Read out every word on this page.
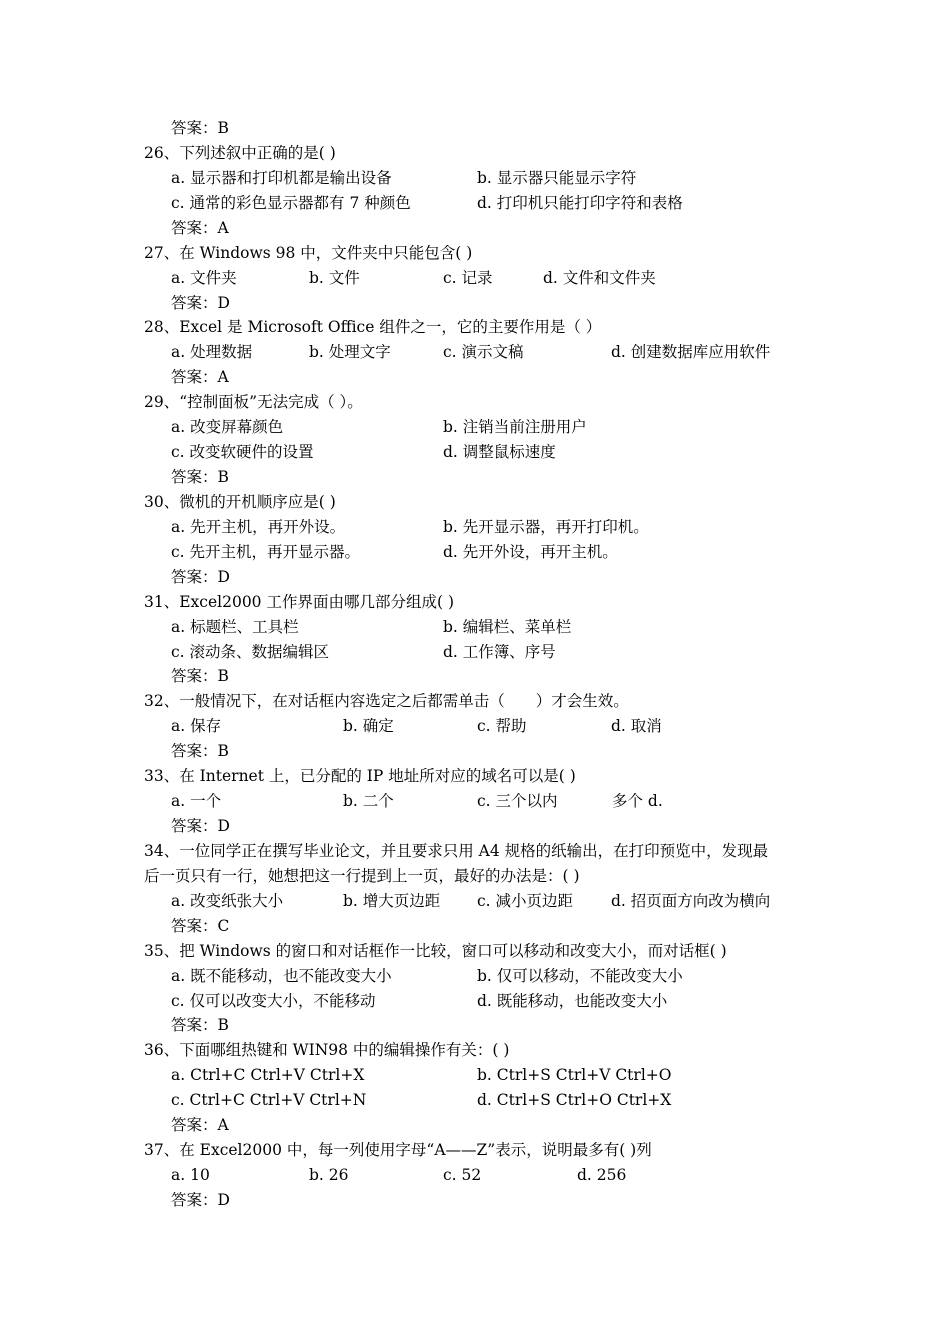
答案：B
26、下列述叙中正确的是( )
a. 显示器和打印机都是输出设备	b. 显示器只能显示字符
c. 通常的彩色显示器都有 7 种颜色	d. 打印机只能打印字符和表格
答案：A
27、在 Windows 98 中，文件夹中只能包含( )
a. 文件夹	b. 文件	c. 记录	d. 文件和文件夹
答案：D
28、Excel 是 Microsoft Office 组件之一，它的主要作用是（ ）
a. 处理数据	b. 处理文字	c. 演示文稿	d. 创建数据库应用软件
答案：A
29、“控制面板”无法完成（ ）。
a. 改变屏幕颜色	b. 注销当前注册用户
c. 改变软硬件的设置	d. 调整鼠标速度
答案：B
30、微机的开机顺序应是( )
a. 先开主机，再开外设。	b. 先开显示器，再开打印机。
c. 先开主机，再开显示器。	d. 先开外设，再开主机。
答案：D
31、Excel2000 工作界面由哪几部分组成( )
a. 标题栏、工具栏	b. 编辑栏、菜单栏
c. 滚动条、数据编辑区	d. 工作簿、序号
答案：B
32、一般情况下，在对话框内容选定之后都需单击（　　）才会生效。
a. 保存	b. 确定	c. 帮助	d. 取消
答案：B
33、在 Internet 上，已分配的 IP 地址所对应的域名可以是( )
a. 一个	b. 二个	c. 三个以内	多个 d.
答案：D
34、一位同学正在撰写毕业论文，并且要求只用 A4 规格的纸输出，在打印预览中，发现最
后一页只有一行，她想把这一行提到上一页，最好的办法是：( )
a. 改变纸张大小	b. 增大页边距 c. 减小页边距 d. 招页面方向改为横向
答案：C
35、把 Windows 的窗口和对话框作一比较，窗口可以移动和改变大小，而对话框( )
a. 既不能移动，也不能改变大小	b. 仅可以移动，不能改变大小
c. 仅可以改变大小，不能移动	d. 既能移动，也能改变大小
答案：B
36、下面哪组热键和 WIN98 中的编辑操作有关：( )
a. Ctrl+C Ctrl+V Ctrl+X	b. Ctrl+S Ctrl+V Ctrl+O
c. Ctrl+C Ctrl+V Ctrl+N	d. Ctrl+S Ctrl+O Ctrl+X
答案：A
37、在 Excel2000 中，每一列使用字母“A——Z”表示，说明最多有( )列
a. 10	b. 26	c. 52	d. 256
答案：D
